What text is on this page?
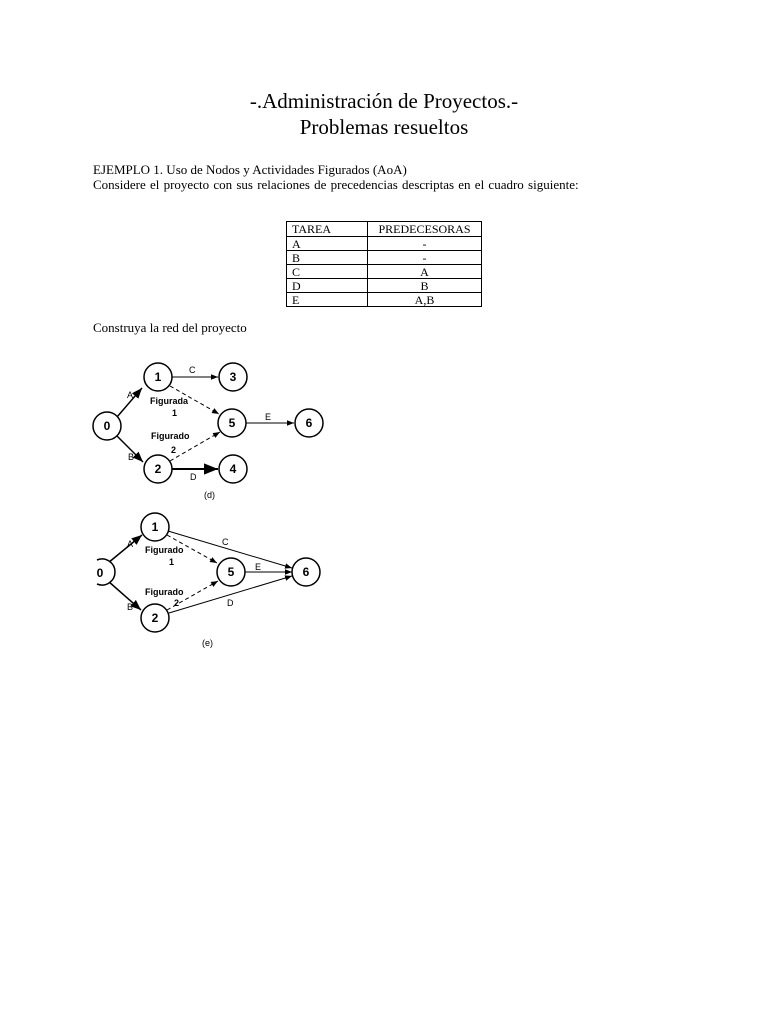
-.Administración de Proyectos.-
Problemas resueltos
EJEMPLO 1. Uso de Nodos y Actividades Figurados (AoA)
Considere el proyecto con sus relaciones de precedencias descriptas en el cuadro siguiente:
TAREA	PREDECESORAS
A	-
B	-
C	A
D	B
E	A,B
Construya la red del proyecto
0
1
2
3
4
5	6
A
B
C
D
E
Figurada
1
Figurado
2
(d)
0
1
2
5	6
A
B
C
D
E
Figurado
1
Figurado
2
(e)
